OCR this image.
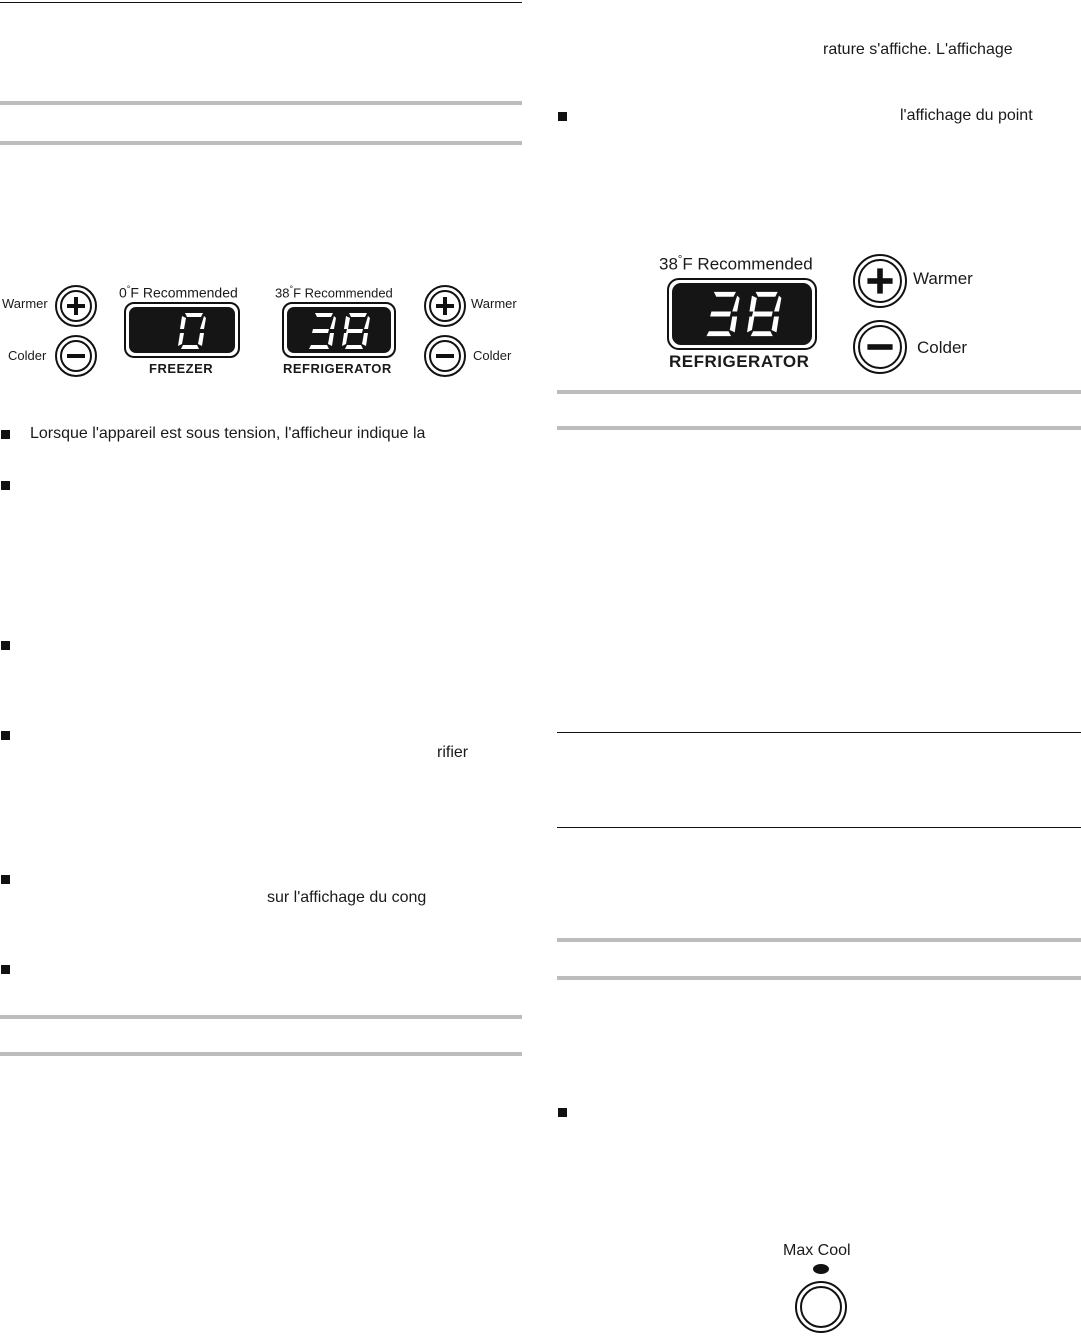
Warmer
Colder
0°F Recommended
FREEZER
38°F Recommended
REFRIGERATOR
Warmer
Colder
Lorsque l'appareil est sous tension, l'afficheur indique la
rifier
sur l'affichage du cong
rature s'affiche. L'affichage
l'affichage du point
38°F Recommended
REFRIGERATOR
Warmer
Colder
Max Cool
